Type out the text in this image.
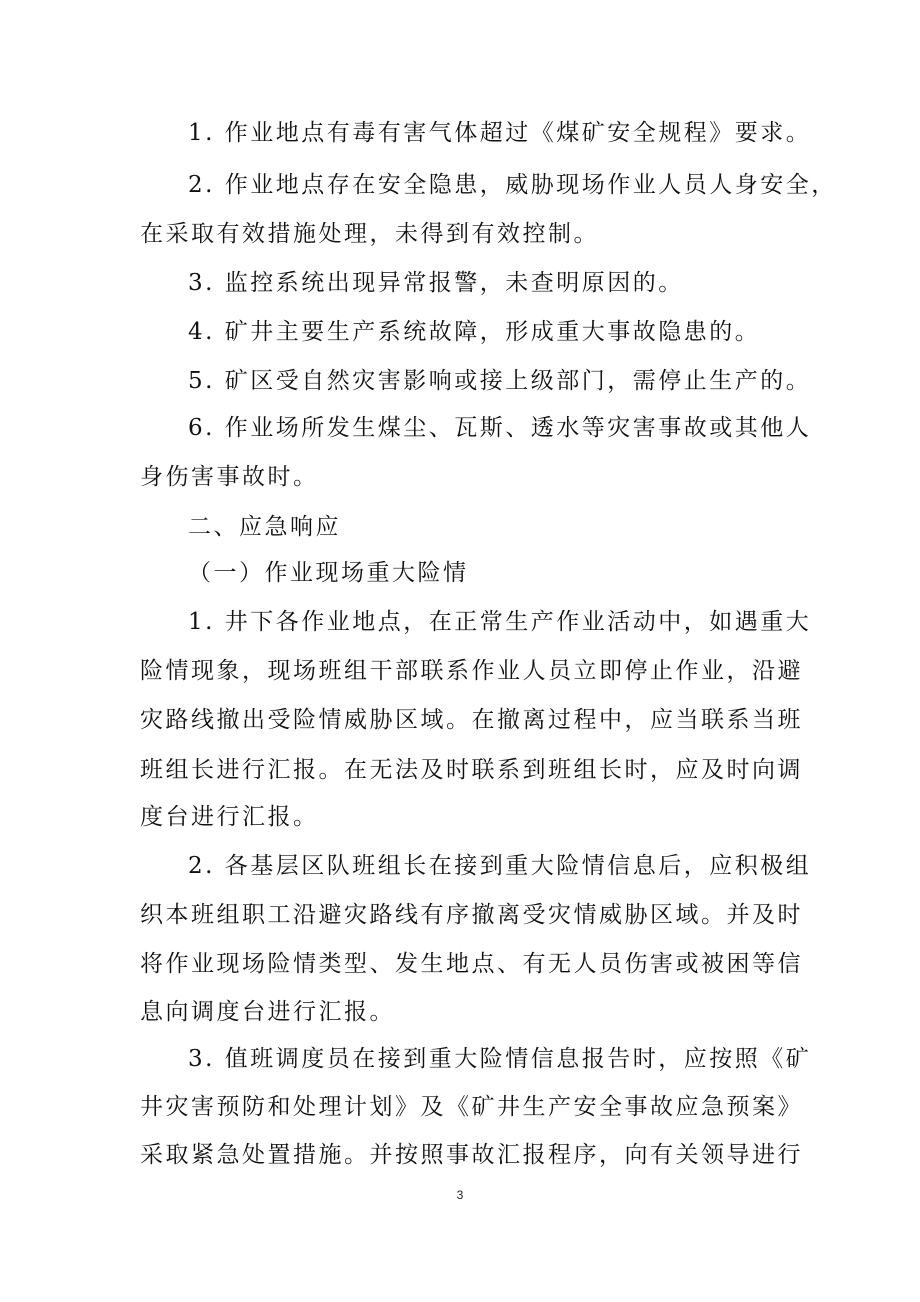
1. 作业地点有毒有害气体超过《煤矿安全规程》要求。
2. 作业地点存在安全隐患，威胁现场作业人员人身安全，
在采取有效措施处理，未得到有效控制。
3. 监控系统出现异常报警，未查明原因的。
4. 矿井主要生产系统故障，形成重大事故隐患的。
5. 矿区受自然灾害影响或接上级部门，需停止生产的。
6. 作业场所发生煤尘、瓦斯、透水等灾害事故或其他人
身伤害事故时。
二、应急响应
（一）作业现场重大险情
1. 井下各作业地点，在正常生产作业活动中，如遇重大
险情现象，现场班组干部联系作业人员立即停止作业，沿避
灾路线撤出受险情威胁区域。在撤离过程中，应当联系当班
班组长进行汇报。在无法及时联系到班组长时，应及时向调
度台进行汇报。
2. 各基层区队班组长在接到重大险情信息后，应积极组
织本班组职工沿避灾路线有序撤离受灾情威胁区域。并及时
将作业现场险情类型、发生地点、有无人员伤害或被困等信
息向调度台进行汇报。
3. 值班调度员在接到重大险情信息报告时，应按照《矿
井灾害预防和处理计划》及《矿井生产安全事故应急预案》
采取紧急处置措施。并按照事故汇报程序，向有关领导进行
3
